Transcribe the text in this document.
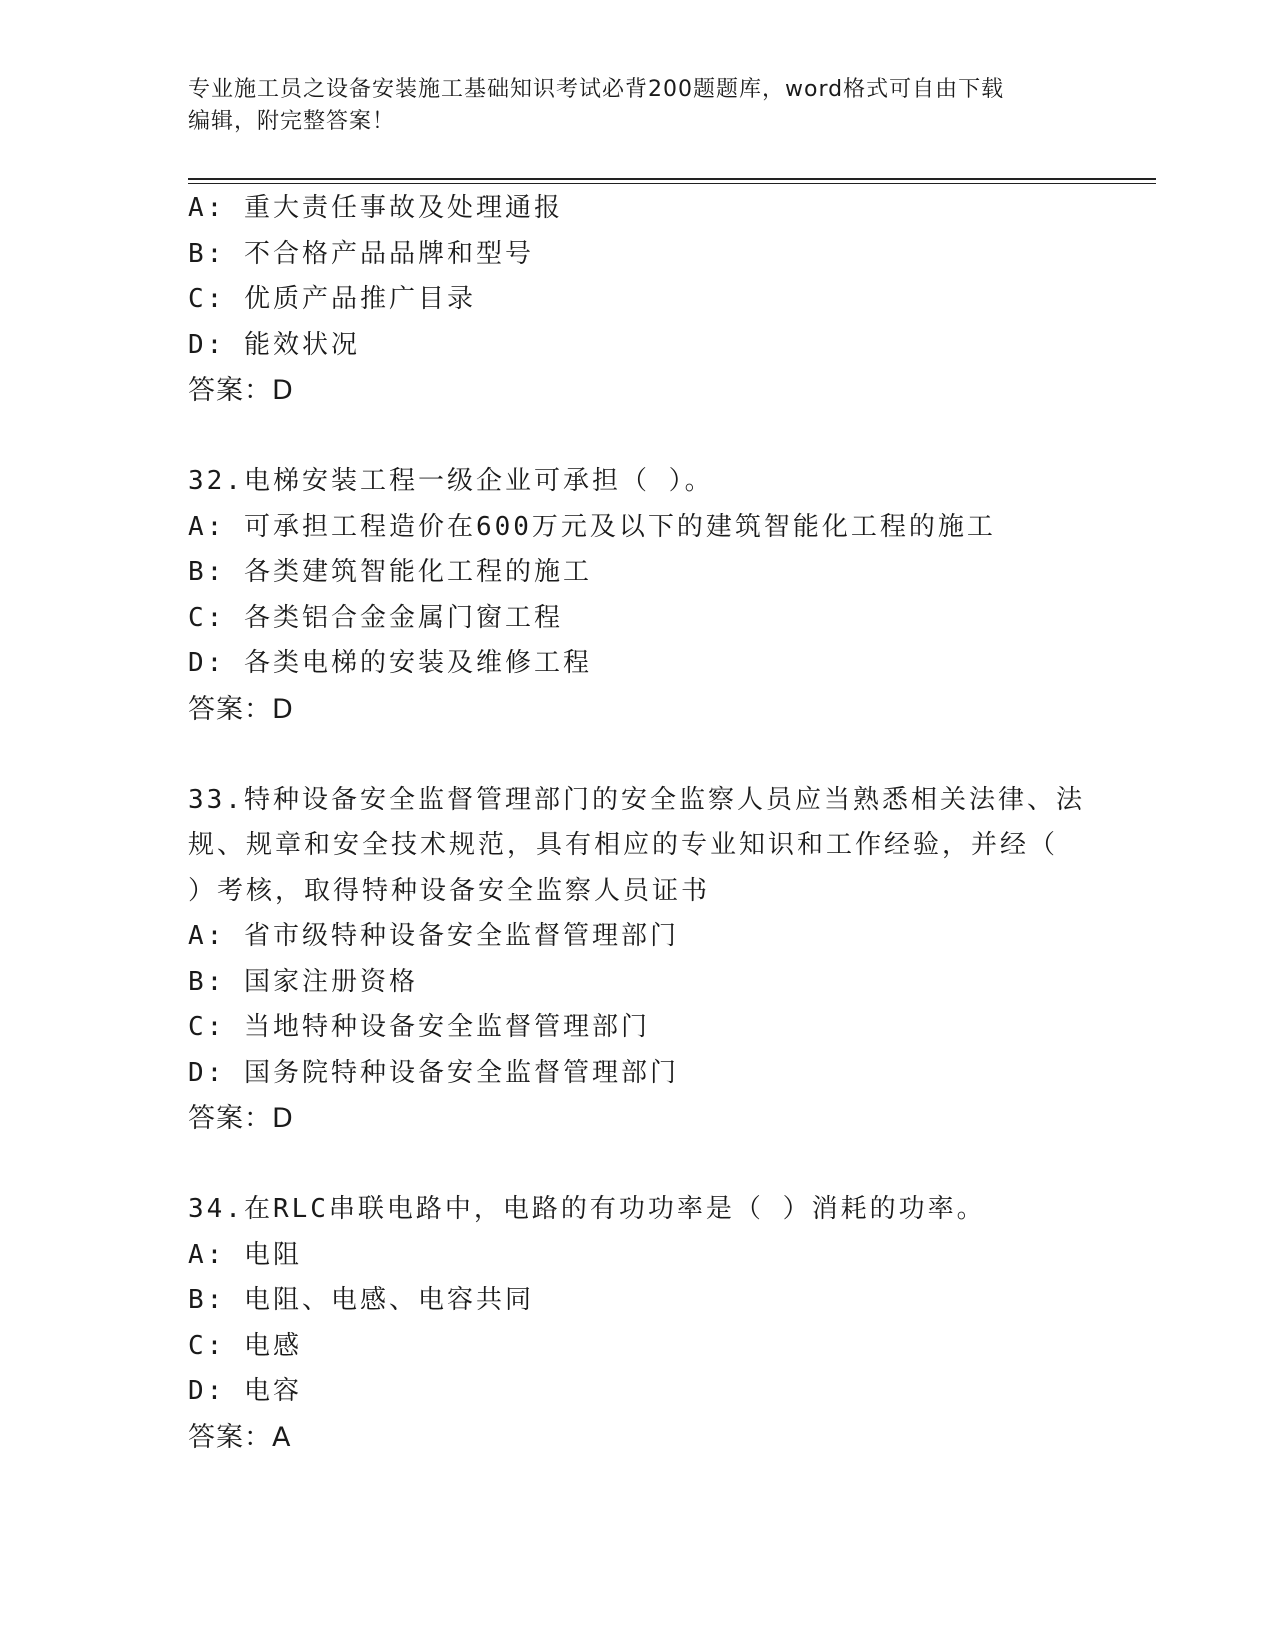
专业施工员之设备安装施工基础知识考试必背200题题库，word格式可自由下载
编辑，附完整答案！
A: 重大责任事故及处理通报
B: 不合格产品品牌和型号
C: 优质产品推广目录
D: 能效状况
答案：D
32.电梯安装工程一级企业可承担（ ）。
A: 可承担工程造价在600万元及以下的建筑智能化工程的施工
B: 各类建筑智能化工程的施工
C: 各类铝合金金属门窗工程
D: 各类电梯的安装及维修工程
答案：D
33.特种设备安全监督管理部门的安全监察人员应当熟悉相关法律、法
规、规章和安全技术规范，具有相应的专业知识和工作经验，并经（
）考核，取得特种设备安全监察人员证书
A: 省市级特种设备安全监督管理部门
B: 国家注册资格
C: 当地特种设备安全监督管理部门
D: 国务院特种设备安全监督管理部门
答案：D
34.在RLC串联电路中，电路的有功功率是（ ）消耗的功率。
A: 电阻
B: 电阻、电感、电容共同
C: 电感
D: 电容
答案：A
